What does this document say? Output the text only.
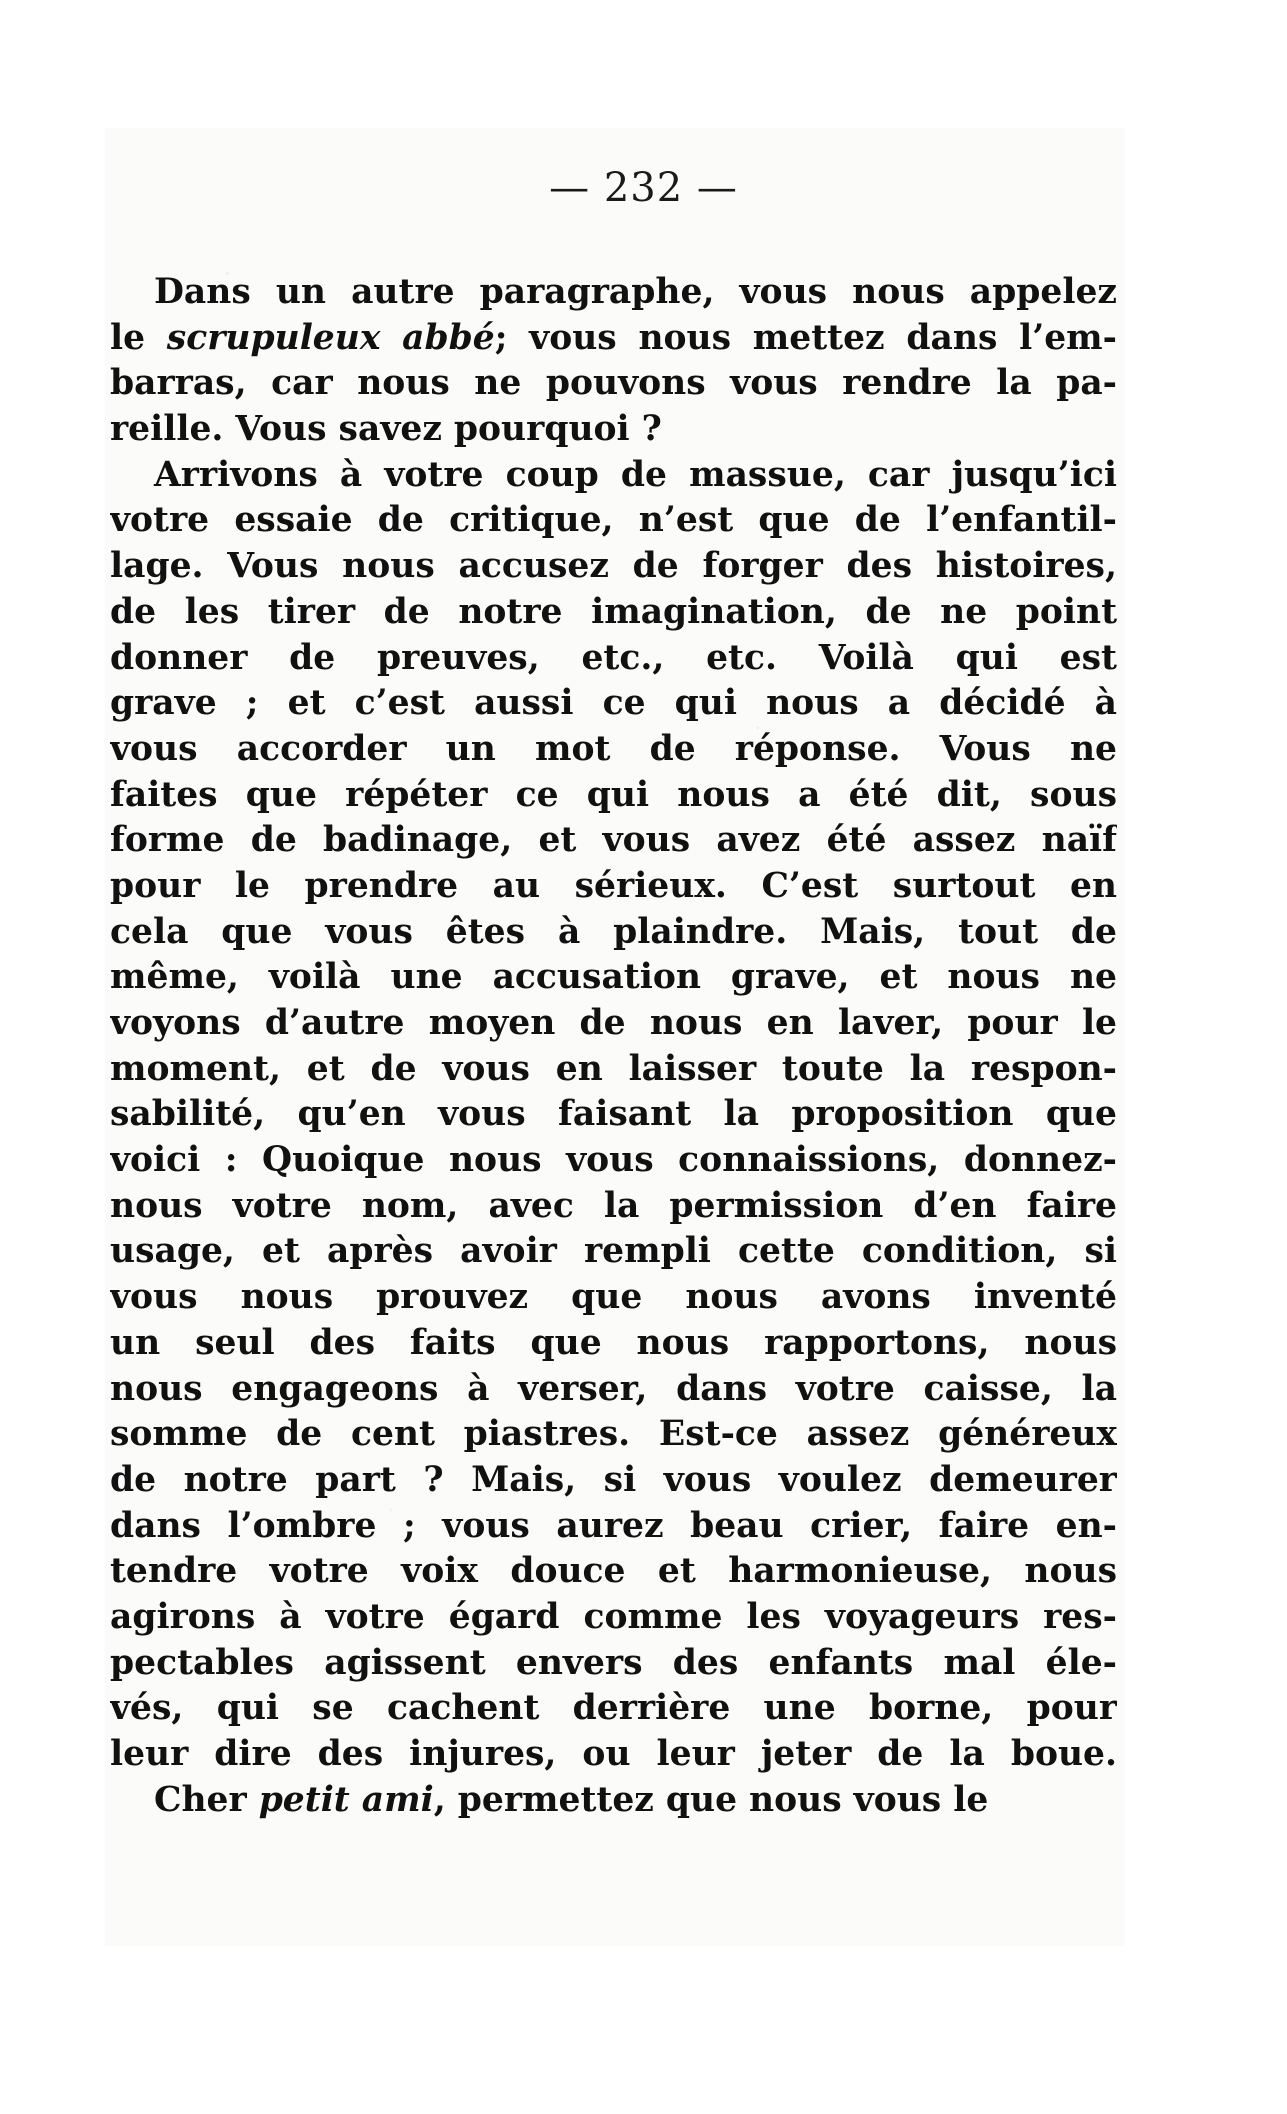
— 232 —
Dans un autre paragraphe, vous nous appelez
le scrupuleux abbé; vous nous mettez dans l’em-
barras, car nous ne pouvons vous rendre la pa-
reille. Vous savez pourquoi ?
Arrivons à votre coup de massue, car jusqu’ici
votre essaie de critique, n’est que de l’enfantil-
lage. Vous nous accusez de forger des histoires,
de les tirer de notre imagination, de ne point
donner de preuves, etc., etc. Voilà qui est
grave ; et c’est aussi ce qui nous a décidé à
vous accorder un mot de réponse. Vous ne
faites que répéter ce qui nous a été dit, sous
forme de badinage, et vous avez été assez naïf
pour le prendre au sérieux. C’est surtout en
cela que vous êtes à plaindre. Mais, tout de
même, voilà une accusation grave, et nous ne
voyons d’autre moyen de nous en laver, pour le
moment, et de vous en laisser toute la respon-
sabilité, qu’en vous faisant la proposition que
voici : Quoique nous vous connaissions, donnez-
nous votre nom, avec la permission d’en faire
usage, et après avoir rempli cette condition, si
vous nous prouvez que nous avons inventé
un seul des faits que nous rapportons, nous
nous engageons à verser, dans votre caisse, la
somme de cent piastres. Est-ce assez généreux
de notre part ? Mais, si vous voulez demeurer
dans l’ombre ; vous aurez beau crier, faire en-
tendre votre voix douce et harmonieuse, nous
agirons à votre égard comme les voyageurs res-
pectables agissent envers des enfants mal éle-
vés, qui se cachent derrière une borne, pour
leur dire des injures, ou leur jeter de la boue.
Cher petit ami, permettez que nous vous le
